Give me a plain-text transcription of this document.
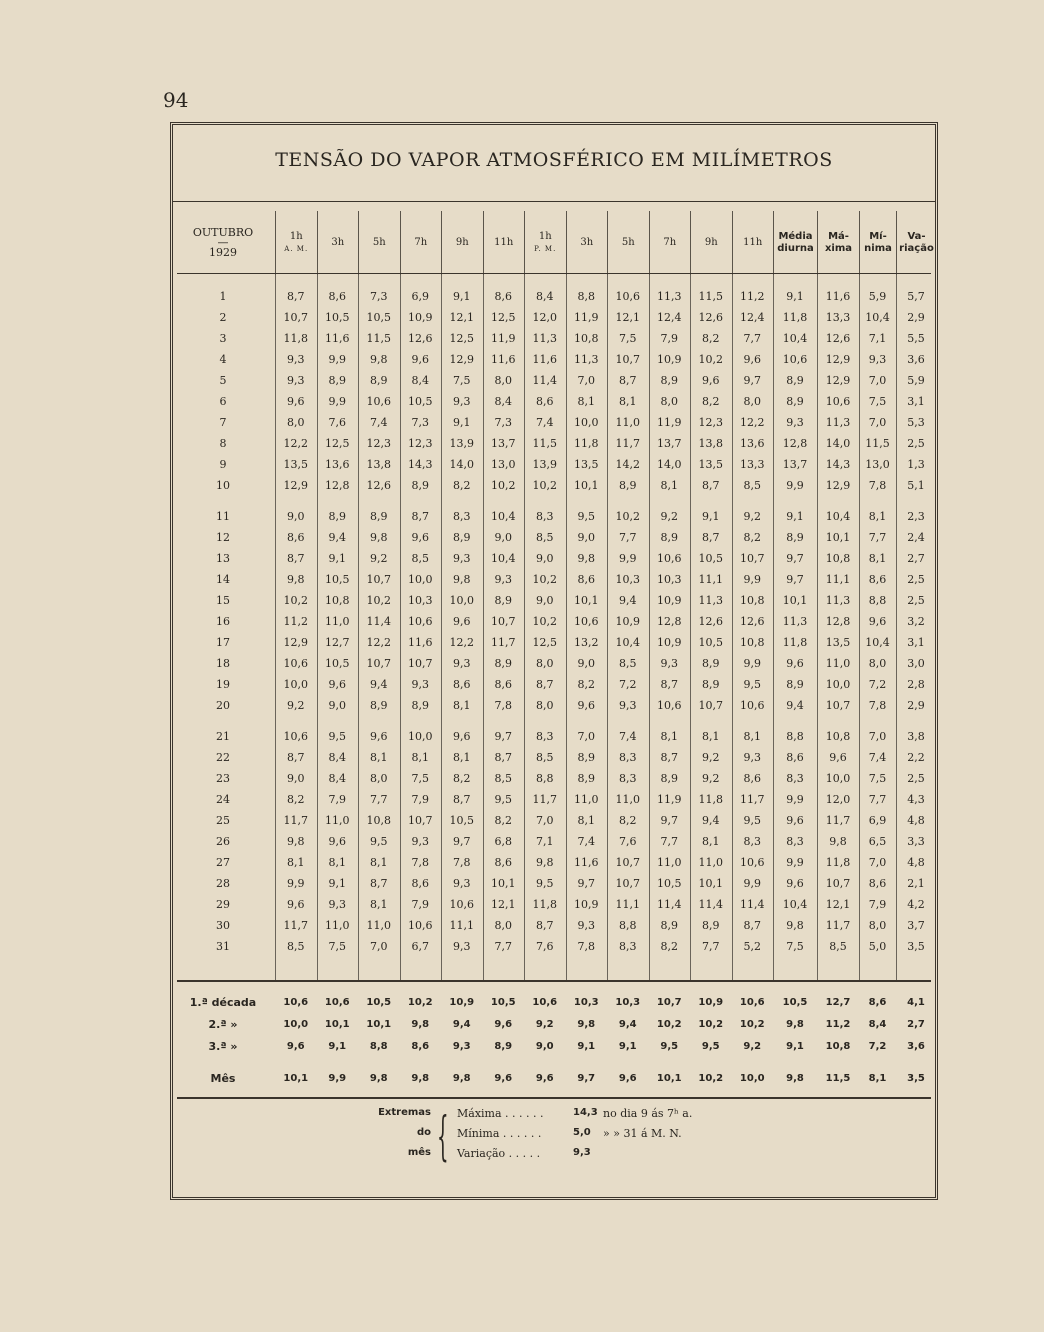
94
TENSÃO DO VAPOR ATMOSFÉRICO EM MILÍMETROS
OUTUBRO
—
1929
1h
A. M.
3h	5h	7h	9h	11h
1h
P. M.
3h	5h	7h	9h	11h
Média
diurna
Má-
xima
Mí-
nima
Va-
riação
1	8,7	8,6	7,3	6,9	9,1	8,6	8,4	8,8	10,6	11,3	11,5	11,2	9,1	11,6	5,9	5,7
2	10,7	10,5	10,5	10,9	12,1	12,5	12,0	11,9	12,1	12,4	12,6	12,4	11,8	13,3	10,4	2,9
3	11,8	11,6	11,5	12,6	12,5	11,9	11,3	10,8	7,5	7,9	8,2	7,7	10,4	12,6	7,1	5,5
4	9,3	9,9	9,8	9,6	12,9	11,6	11,6	11,3	10,7	10,9	10,2	9,6	10,6	12,9	9,3	3,6
5	9,3	8,9	8,9	8,4	7,5	8,0	11,4	7,0	8,7	8,9	9,6	9,7	8,9	12,9	7,0	5,9
6	9,6	9,9	10,6	10,5	9,3	8,4	8,6	8,1	8,1	8,0	8,2	8,0	8,9	10,6	7,5	3,1
7	8,0	7,6	7,4	7,3	9,1	7,3	7,4	10,0	11,0	11,9	12,3	12,2	9,3	11,3	7,0	5,3
8	12,2	12,5	12,3	12,3	13,9	13,7	11,5	11,8	11,7	13,7	13,8	13,6	12,8	14,0	11,5	2,5
9	13,5	13,6	13,8	14,3	14,0	13,0	13,9	13,5	14,2	14,0	13,5	13,3	13,7	14,3	13,0	1,3
10	12,9	12,8	12,6	8,9	8,2	10,2	10,2	10,1	8,9	8,1	8,7	8,5	9,9	12,9	7,8	5,1
11	9,0	8,9	8,9	8,7	8,3	10,4	8,3	9,5	10,2	9,2	9,1	9,2	9,1	10,4	8,1	2,3
12	8,6	9,4	9,8	9,6	8,9	9,0	8,5	9,0	7,7	8,9	8,7	8,2	8,9	10,1	7,7	2,4
13	8,7	9,1	9,2	8,5	9,3	10,4	9,0	9,8	9,9	10,6	10,5	10,7	9,7	10,8	8,1	2,7
14	9,8	10,5	10,7	10,0	9,8	9,3	10,2	8,6	10,3	10,3	11,1	9,9	9,7	11,1	8,6	2,5
15	10,2	10,8	10,2	10,3	10,0	8,9	9,0	10,1	9,4	10,9	11,3	10,8	10,1	11,3	8,8	2,5
16	11,2	11,0	11,4	10,6	9,6	10,7	10,2	10,6	10,9	12,8	12,6	12,6	11,3	12,8	9,6	3,2
17	12,9	12,7	12,2	11,6	12,2	11,7	12,5	13,2	10,4	10,9	10,5	10,8	11,8	13,5	10,4	3,1
18	10,6	10,5	10,7	10,7	9,3	8,9	8,0	9,0	8,5	9,3	8,9	9,9	9,6	11,0	8,0	3,0
19	10,0	9,6	9,4	9,3	8,6	8,6	8,7	8,2	7,2	8,7	8,9	9,5	8,9	10,0	7,2	2,8
20	9,2	9,0	8,9	8,9	8,1	7,8	8,0	9,6	9,3	10,6	10,7	10,6	9,4	10,7	7,8	2,9
21	10,6	9,5	9,6	10,0	9,6	9,7	8,3	7,0	7,4	8,1	8,1	8,1	8,8	10,8	7,0	3,8
22	8,7	8,4	8,1	8,1	8,1	8,7	8,5	8,9	8,3	8,7	9,2	9,3	8,6	9,6	7,4	2,2
23	9,0	8,4	8,0	7,5	8,2	8,5	8,8	8,9	8,3	8,9	9,2	8,6	8,3	10,0	7,5	2,5
24	8,2	7,9	7,7	7,9	8,7	9,5	11,7	11,0	11,0	11,9	11,8	11,7	9,9	12,0	7,7	4,3
25	11,7	11,0	10,8	10,7	10,5	8,2	7,0	8,1	8,2	9,7	9,4	9,5	9,6	11,7	6,9	4,8
26	9,8	9,6	9,5	9,3	9,7	6,8	7,1	7,4	7,6	7,7	8,1	8,3	8,3	9,8	6,5	3,3
27	8,1	8,1	8,1	7,8	7,8	8,6	9,8	11,6	10,7	11,0	11,0	10,6	9,9	11,8	7,0	4,8
28	9,9	9,1	8,7	8,6	9,3	10,1	9,5	9,7	10,7	10,5	10,1	9,9	9,6	10,7	8,6	2,1
29	9,6	9,3	8,1	7,9	10,6	12,1	11,8	10,9	11,1	11,4	11,4	11,4	10,4	12,1	7,9	4,2
30	11,7	11,0	11,0	10,6	11,1	8,0	8,7	9,3	8,8	8,9	8,9	8,7	9,8	11,7	8,0	3,7
31	8,5	7,5	7,0	6,7	9,3	7,7	7,6	7,8	8,3	8,2	7,7	5,2	7,5	8,5	5,0	3,5
1.ª década	10,6	10,6	10,5	10,2	10,9	10,5	10,6	10,3	10,3	10,7	10,9	10,6	10,5	12,7	8,6	4,1
2.ª »	10,0	10,1	10,1	9,8	9,4	9,6	9,2	9,8	9,4	10,2	10,2	10,2	9,8	11,2	8,4	2,7
3.ª »	9,6	9,1	8,8	8,6	9,3	8,9	9,0	9,1	9,1	9,5	9,5	9,2	9,1	10,8	7,2	3,6
Mês	10,1	9,9	9,8	9,8	9,8	9,6	9,6	9,7	9,6	10,1	10,2	10,0	9,8	11,5	8,1	3,5
Extremas
do
mês { Máxima . . . . . .	14,3 no dia 9 ás 7ʰ a.
Mínima . . . . . .	5,0 » » 31 á M. N.
Variação . . . . .	9,3
